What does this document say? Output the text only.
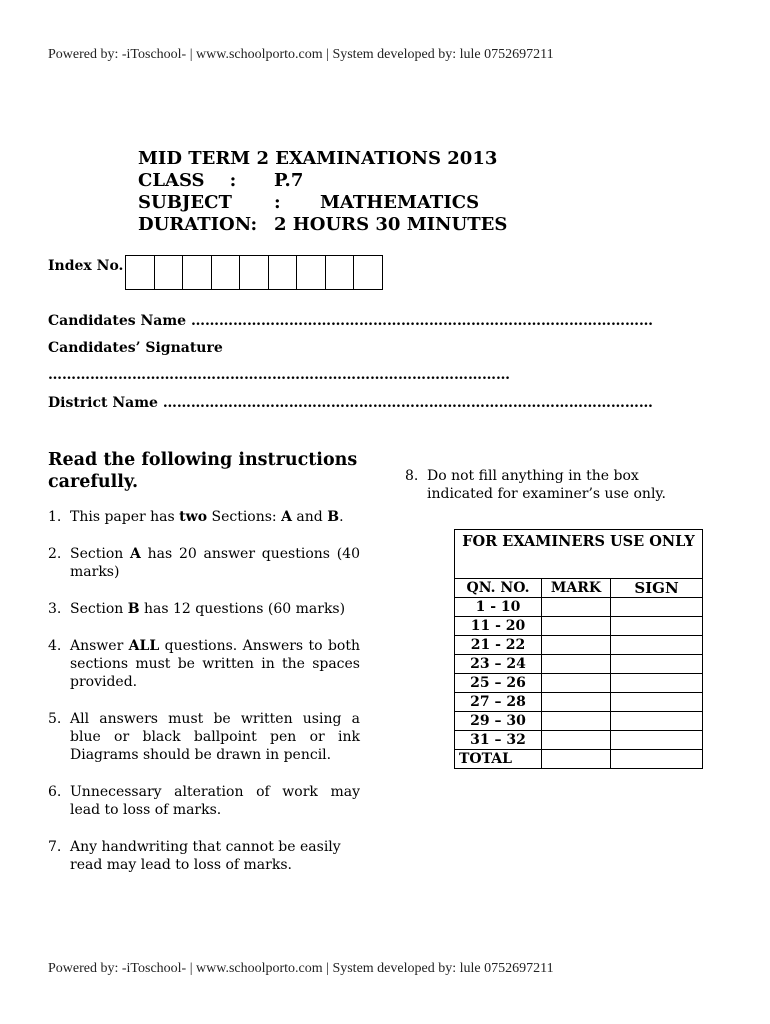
Powered by: -iToschool- | www.schoolporto.com | System developed by: lule 0752697211
MID TERM 2 EXAMINATIONS 2013
CLASS :	P.7
SUBJECT	:	MATHEMATICS
DURATION: 2 HOURS 30 MINUTES
Index No.
Candidates Name ………………………………………………………………………………………
Candidates’ Signature
………………………………………………………………………………………
District Name ……………………………………………………………………………………………
Read the following instructions carefully.
1. This paper has two Sections: A and B.
2. Section A has 20 answer questions (40 marks)
3. Section B has 12 questions (60 marks)
4. Answer ALL questions. Answers to both sections must be written in the spaces provided.
5. All answers must be written using a blue or black ballpoint pen or ink Diagrams should be drawn in pencil.
6. Unnecessary alteration of work may lead to loss of marks.
7. Any handwriting that cannot be easily read may lead to loss of marks.
8. Do not fill anything in the box indicated for examiner’s use only.
FOR EXAMINERS USE ONLY		
QN. NO.	MARK	SIGN
1 - 10		
11 - 20		
21 - 22		
23 – 24		
25 – 26		
27 – 28		
29 – 30		
31 – 32		
TOTAL		
Powered by: -iToschool- | www.schoolporto.com | System developed by: lule 0752697211
